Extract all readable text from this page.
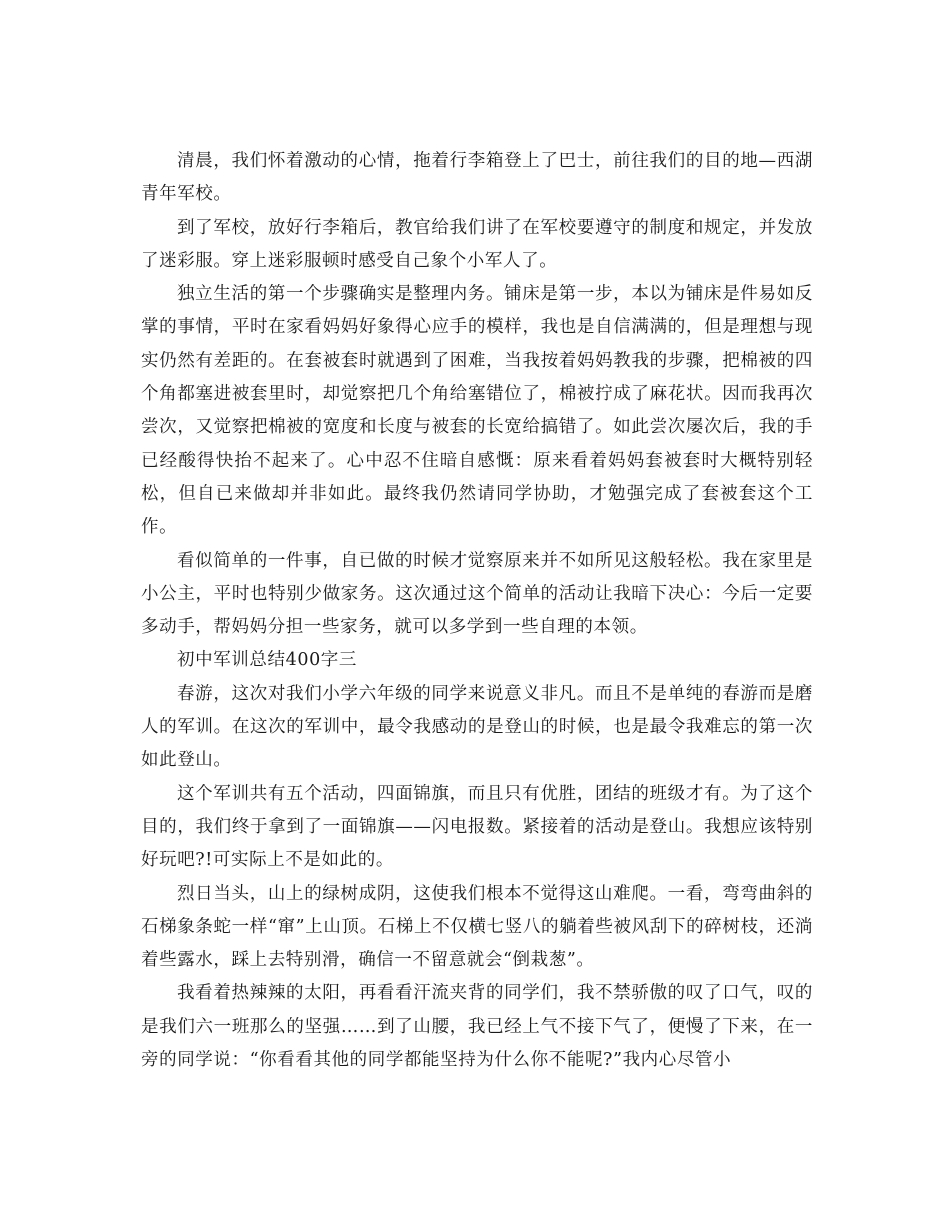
清晨，我们怀着激动的心情，拖着行李箱登上了巴士，前往我们的目的地—西湖青年军校。

到了军校，放好行李箱后，教官给我们讲了在军校要遵守的制度和规定，并发放了迷彩服。穿上迷彩服顿时感受自己象个小军人了。

独立生活的第一个步骤确实是整理内务。铺床是第一步，本以为铺床是件易如反掌的事情，平时在家看妈妈好象得心应手的模样，我也是自信满满的，但是理想与现实仍然有差距的。在套被套时就遇到了困难，当我按着妈妈教我的步骤，把棉被的四个角都塞进被套里时，却觉察把几个角给塞错位了，棉被拧成了麻花状。因而我再次尝次，又觉察把棉被的宽度和长度与被套的长宽给搞错了。如此尝次屡次后，我的手已经酸得快抬不起来了。心中忍不住暗自感慨：原来看着妈妈套被套时大概特别轻松，但自已来做却并非如此。最终我仍然请同学协助，才勉强完成了套被套这个工作。

看似简单的一件事，自已做的时候才觉察原来并不如所见这般轻松。我在家里是小公主，平时也特别少做家务。这次通过这个简单的活动让我暗下决心：今后一定要多动手，帮妈妈分担一些家务，就可以多学到一些自理的本领。

初中军训总结400字三

春游，这次对我们小学六年级的同学来说意义非凡。而且不是单纯的春游而是磨人的军训。在这次的军训中，最令我感动的是登山的时候，也是最令我难忘的第一次如此登山。

这个军训共有五个活动，四面锦旗，而且只有优胜，团结的班级才有。为了这个目的，我们终于拿到了一面锦旗——闪电报数。紧接着的活动是登山。我想应该特别好玩吧?!可实际上不是如此的。

烈日当头，山上的绿树成阴，这使我们根本不觉得这山难爬。一看，弯弯曲斜的石梯象条蛇一样“窜”上山顶。石梯上不仅横七竖八的躺着些被风刮下的碎树枝，还淌着些露水，踩上去特别滑，确信一不留意就会“倒栽葱”。

我看着热辣辣的太阳，再看看汗流夹背的同学们，我不禁骄傲的叹了口气，叹的是我们六一班那么的坚强……到了山腰，我已经上气不接下气了，便慢了下来，在一旁的同学说：“你看看其他的同学都能坚持为什么你不能呢?”我内心尽管小
